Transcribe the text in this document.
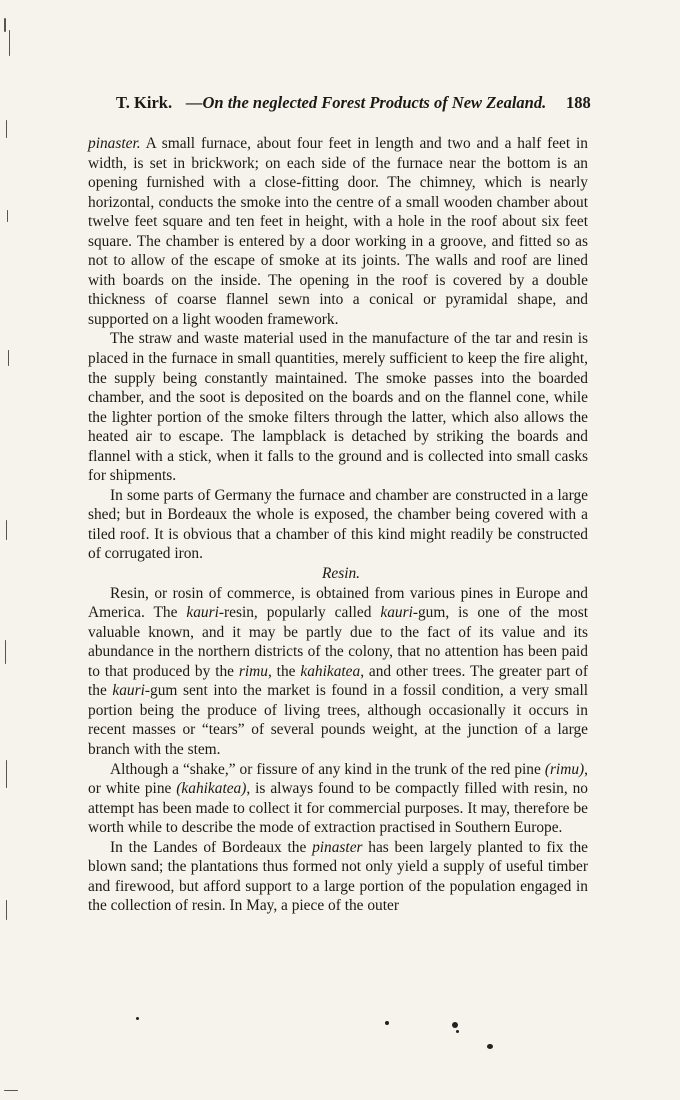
T. Kirk. —On the neglected Forest Products of New Zealand. 188

pinaster. A small furnace, about four feet in length and two and a half feet in width, is set in brickwork; on each side of the furnace near the bottom is an opening furnished with a close-fitting door. The chimney, which is nearly horizontal, conducts the smoke into the centre of a small wooden chamber about twelve feet square and ten feet in height, with a hole in the roof about six feet square. The chamber is entered by a door working in a groove, and fitted so as not to allow of the escape of smoke at its joints. The walls and roof are lined with boards on the inside. The opening in the roof is covered by a double thickness of coarse flannel sewn into a conical or pyramidal shape, and supported on a light wooden framework.

The straw and waste material used in the manufacture of the tar and resin is placed in the furnace in small quantities, merely sufficient to keep the fire alight, the supply being constantly maintained. The smoke passes into the boarded chamber, and the soot is deposited on the boards and on the flannel cone, while the lighter portion of the smoke filters through the latter, which also allows the heated air to escape. The lampblack is detached by striking the boards and flannel with a stick, when it falls to the ground and is collected into small casks for shipments.

In some parts of Germany the furnace and chamber are constructed in a large shed; but in Bordeaux the whole is exposed, the chamber being covered with a tiled roof. It is obvious that a chamber of this kind might readily be constructed of corrugated iron.

Resin.

Resin, or rosin of commerce, is obtained from various pines in Europe and America. The kauri-resin, popularly called kauri-gum, is one of the most valuable known, and it may be partly due to the fact of its value and its abundance in the northern districts of the colony, that no attention has been paid to that produced by the rimu, the kahikatea, and other trees. The greater part of the kauri-gum sent into the market is found in a fossil condition, a very small portion being the produce of living trees, although occasionally it occurs in recent masses or “tears” of several pounds weight, at the junction of a large branch with the stem.

Although a “shake,” or fissure of any kind in the trunk of the red pine (rimu), or white pine (kahikatea), is always found to be compactly filled with resin, no attempt has been made to collect it for commercial purposes. It may, therefore be worth while to describe the mode of extraction practised in Southern Europe.

In the Landes of Bordeaux the pinaster has been largely planted to fix the blown sand; the plantations thus formed not only yield a supply of useful timber and firewood, but afford support to a large portion of the population engaged in the collection of resin. In May, a piece of the outer
